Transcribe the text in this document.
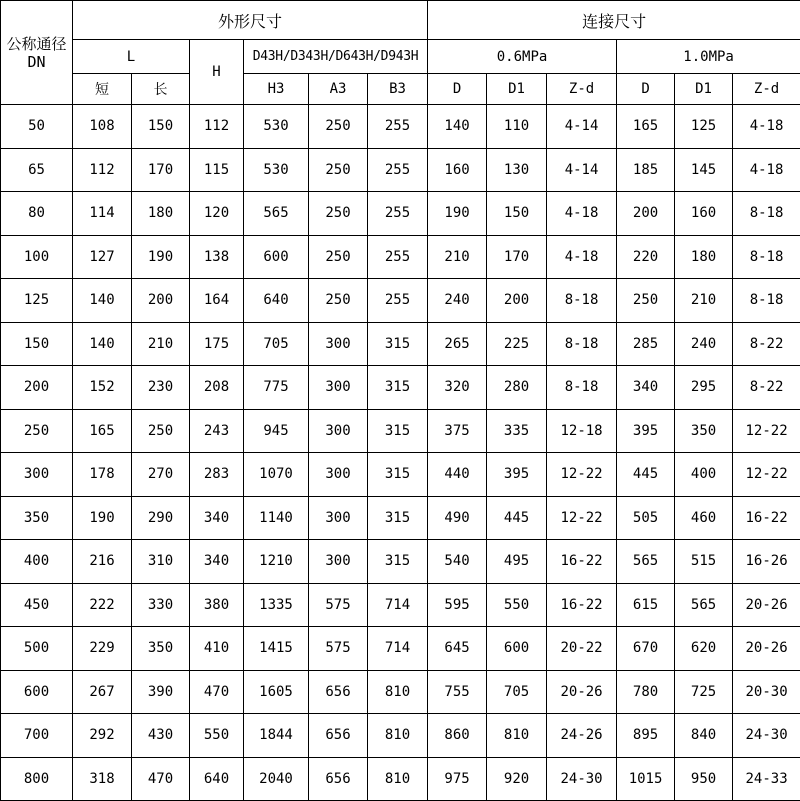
公称通径
DN	外形尺寸						连接尺寸					
	L		H	D43H/D343H/D643H/D943H			0.6MPa			1.0MPa		
	短	长		H3	A3	B3	D	D1	Z-d	D	D1	Z-d
50	108	150	112	530	250	255	140	110	4-14	165	125	4-18
65	112	170	115	530	250	255	160	130	4-14	185	145	4-18
80	114	180	120	565	250	255	190	150	4-18	200	160	8-18
100	127	190	138	600	250	255	210	170	4-18	220	180	8-18
125	140	200	164	640	250	255	240	200	8-18	250	210	8-18
150	140	210	175	705	300	315	265	225	8-18	285	240	8-22
200	152	230	208	775	300	315	320	280	8-18	340	295	8-22
250	165	250	243	945	300	315	375	335	12-18	395	350	12-22
300	178	270	283	1070	300	315	440	395	12-22	445	400	12-22
350	190	290	340	1140	300	315	490	445	12-22	505	460	16-22
400	216	310	340	1210	300	315	540	495	16-22	565	515	16-26
450	222	330	380	1335	575	714	595	550	16-22	615	565	20-26
500	229	350	410	1415	575	714	645	600	20-22	670	620	20-26
600	267	390	470	1605	656	810	755	705	20-26	780	725	20-30
700	292	430	550	1844	656	810	860	810	24-26	895	840	24-30
800	318	470	640	2040	656	810	975	920	24-30	1015	950	24-33
